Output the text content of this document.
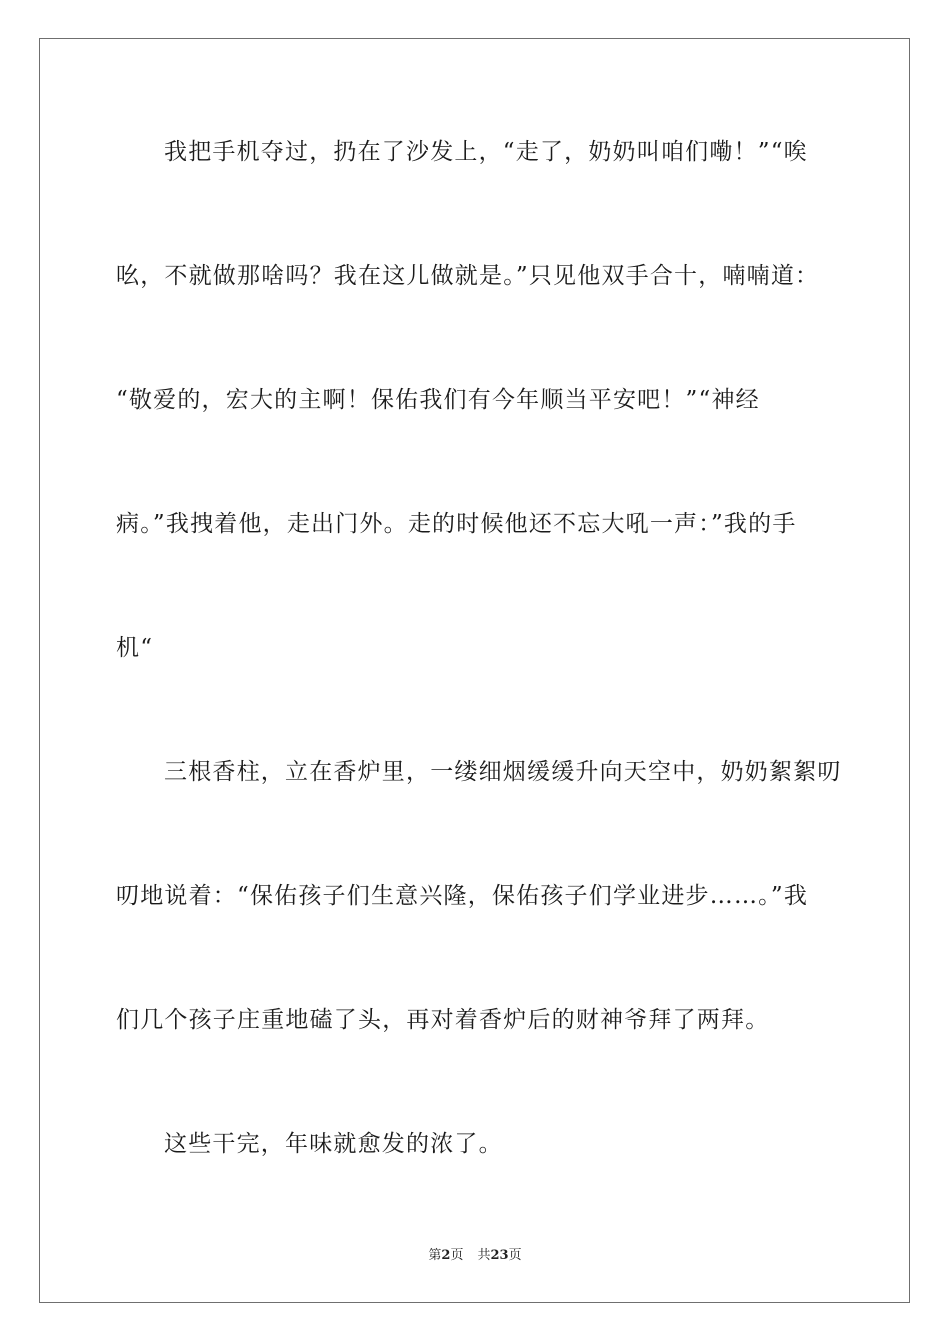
我把手机夺过，扔在了沙发上，“走了，奶奶叫咱们嘞！”“唉
吆，不就做那啥吗？我在这儿做就是。”只见他双手合十，喃喃道：
“敬爱的，宏大的主啊！保佑我们有今年顺当平安吧！”“神经
病。”我拽着他，走出门外。走的时候他还不忘大吼一声：”我的手
机“
三根香柱，立在香炉里，一缕细烟缓缓升向天空中，奶奶絮絮叨
叨地说着：“保佑孩子们生意兴隆，保佑孩子们学业进步……。”我
们几个孩子庄重地磕了头，再对着香炉后的财神爷拜了两拜。
这些干完，年味就愈发的浓了。
第2页 共23页
